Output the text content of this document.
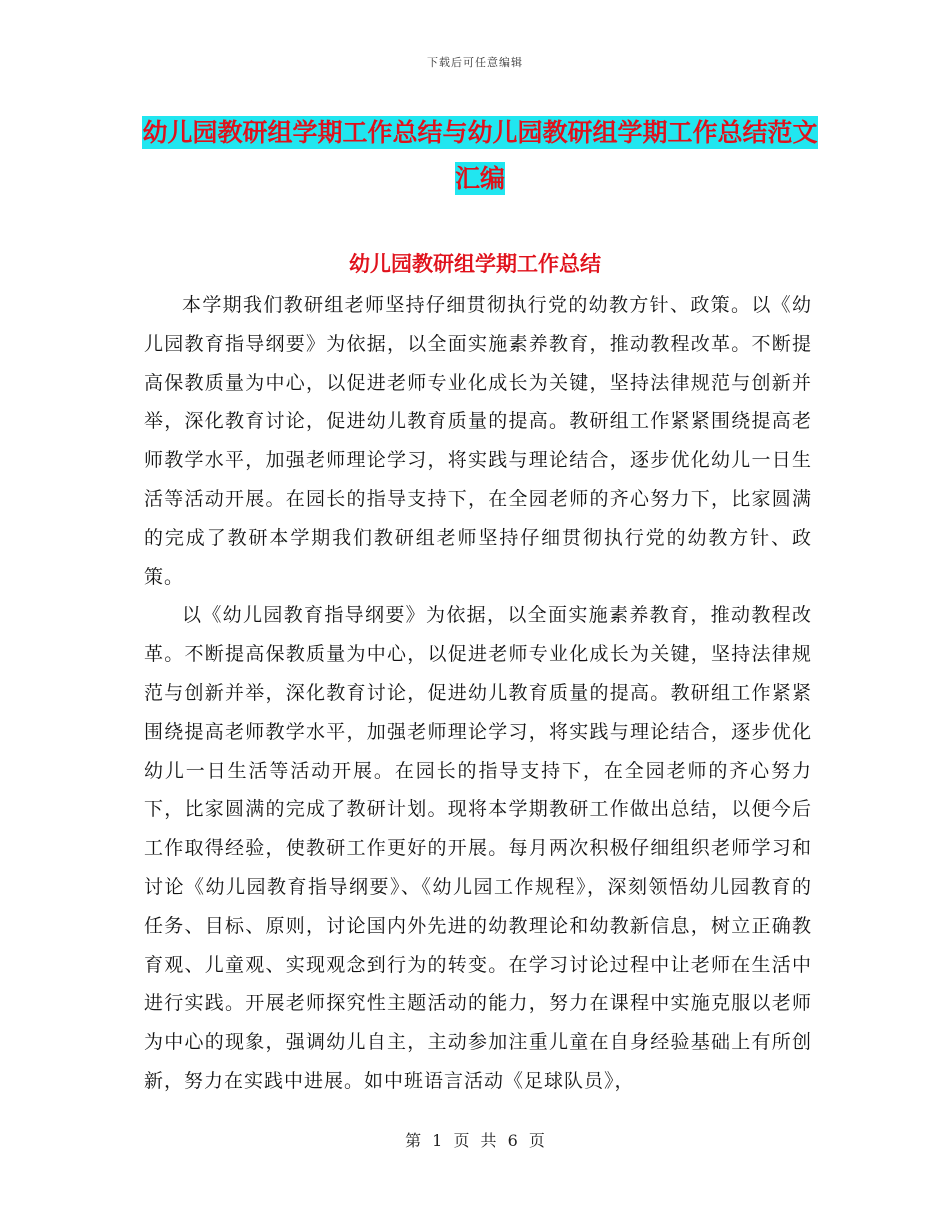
下载后可任意编辑
幼儿园教研组学期工作总结与幼儿园教研组学期工作总结范文汇编
幼儿园教研组学期工作总结

本学期我们教研组老师坚持仔细贯彻执行党的幼教方针、政策。以《幼儿园教育指导纲要》为依据，以全面实施素养教育，推动教程改革。不断提高保教质量为中心，以促进老师专业化成长为关键，坚持法律规范与创新并举，深化教育讨论，促进幼儿教育质量的提高。教研组工作紧紧围绕提高老师教学水平，加强老师理论学习，将实践与理论结合，逐步优化幼儿一日生活等活动开展。在园长的指导支持下，在全园老师的齐心努力下，比家圆满的完成了教研本学期我们教研组老师坚持仔细贯彻执行党的幼教方针、政策。

以《幼儿园教育指导纲要》为依据，以全面实施素养教育，推动教程改革。不断提高保教质量为中心，以促进老师专业化成长为关键，坚持法律规范与创新并举，深化教育讨论，促进幼儿教育质量的提高。教研组工作紧紧围绕提高老师教学水平，加强老师理论学习，将实践与理论结合，逐步优化幼儿一日生活等活动开展。在园长的指导支持下，在全园老师的齐心努力下，比家圆满的完成了教研计划。现将本学期教研工作做出总结，以便今后工作取得经验，使教研工作更好的开展。每月两次积极仔细组织老师学习和讨论《幼儿园教育指导纲要》、《幼儿园工作规程》，深刻领悟幼儿园教育的任务、目标、原则，讨论国内外先进的幼教理论和幼教新信息，树立正确教育观、儿童观、实现观念到行为的转变。在学习讨论过程中让老师在生活中进行实践。开展老师探究性主题活动的能力，努力在课程中实施克服以老师为中心的现象，强调幼儿自主，主动参加注重儿童在自身经验基础上有所创新，努力在实践中进展。如中班语言活动《足球队员》，

第 1 页 共 6 页
